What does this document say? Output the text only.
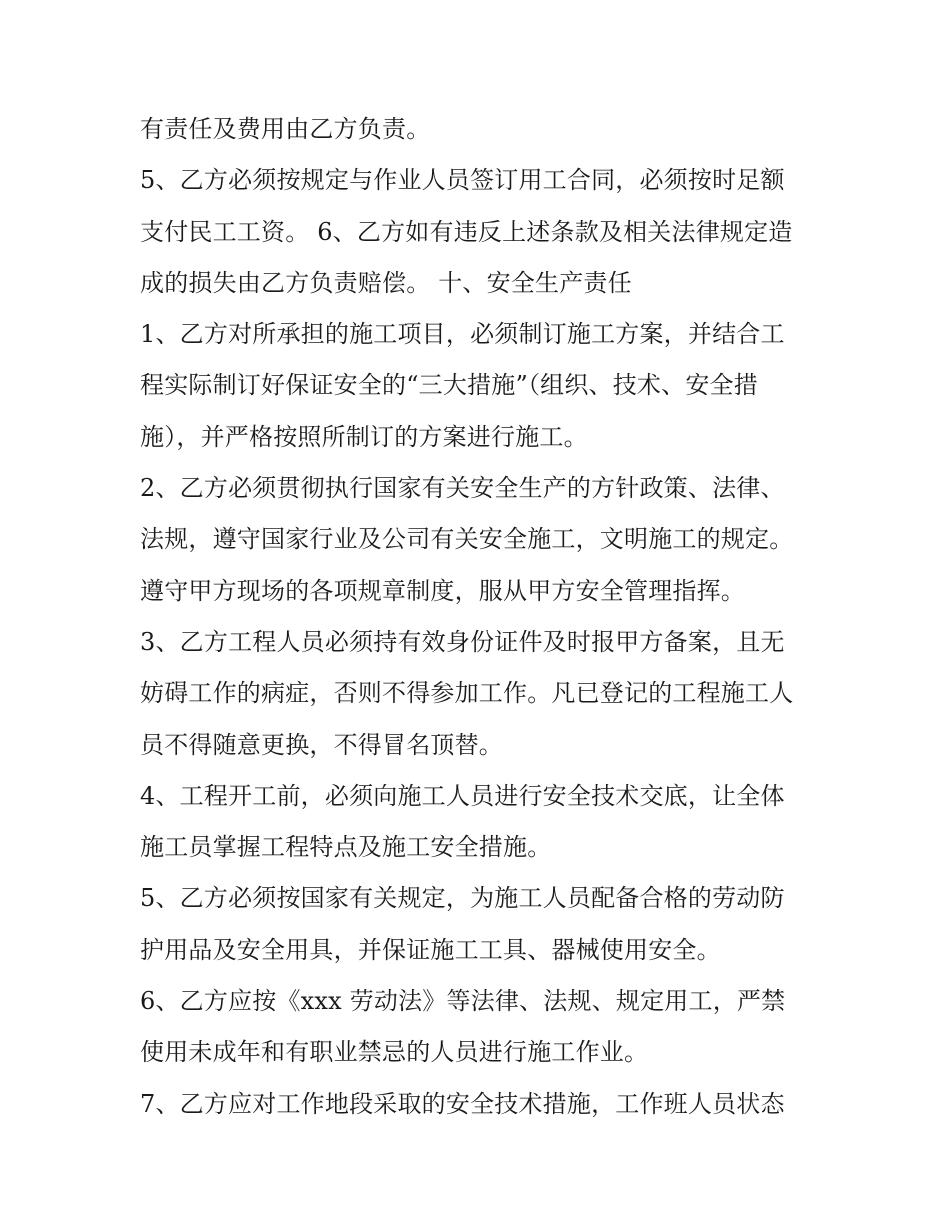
有责任及费用由乙方负责。
5、乙方必须按规定与作业人员签订用工合同，必须按时足额
支付民工工资。 6、乙方如有违反上述条款及相关法律规定造
成的损失由乙方负责赔偿。 十、安全生产责任
1、乙方对所承担的施工项目，必须制订施工方案，并结合工
程实际制订好保证安全的“三大措施”（组织、技术、安全措
施），并严格按照所制订的方案进行施工。
2、乙方必须贯彻执行国家有关安全生产的方针政策、法律、
法规，遵守国家行业及公司有关安全施工，文明施工的规定。
遵守甲方现场的各项规章制度，服从甲方安全管理指挥。
3、乙方工程人员必须持有效身份证件及时报甲方备案，且无
妨碍工作的病症，否则不得参加工作。凡已登记的工程施工人
员不得随意更换，不得冒名顶替。
4、工程开工前，必须向施工人员进行安全技术交底，让全体
施工员掌握工程特点及施工安全措施。
5、乙方必须按国家有关规定，为施工人员配备合格的劳动防
护用品及安全用具，并保证施工工具、器械使用安全。
6、乙方应按《xxx 劳动法》等法律、法规、规定用工，严禁
使用未成年和有职业禁忌的人员进行施工作业。
7、乙方应对工作地段采取的安全技术措施，工作班人员状态
